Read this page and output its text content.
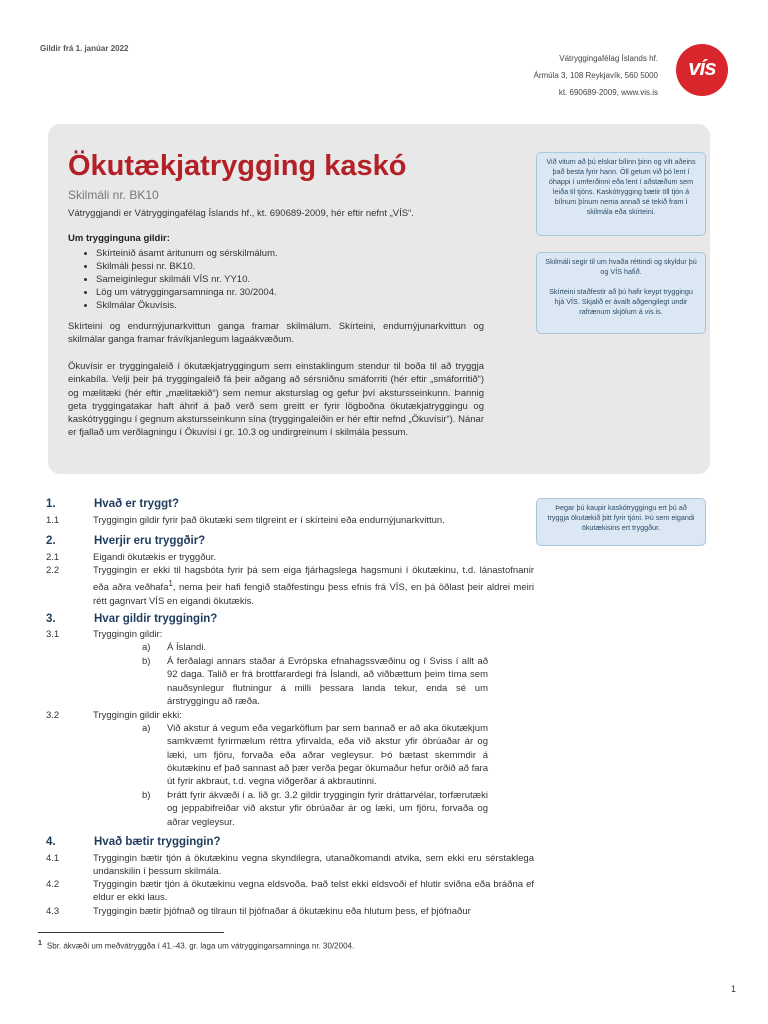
Gildir frá 1. janúar 2022
Vátryggingafélag Íslands hf.
Ármúla 3, 108 Reykjavík, 560 5000
kt. 690689-2009, www.vis.is
vís
Ökutækjatrygging kaskó
Skilmáli nr. BK10
Vátryggjandi er Vátryggingafélag Íslands hf., kt. 690689-2009, hér eftir nefnt „VÍS“.
Um trygginguna gildir:
• Skírteinið ásamt áritunum og sérskilmálum.
• Skilmáli þessi nr. BK10.
• Sameiginlegur skilmáli VÍS nr. YY10.
• Lög um vátryggingarsamninga nr. 30/2004.
• Skilmálar Ökuvísis.
Skírteini og endurnýjunarkvittun ganga framar skilmálum. Skírteini, endurnýjunarkvittun og skilmálar ganga framar frávíkjanlegum lagaákvæðum.
Ökuvísir er tryggingaleið í ökutækjatryggingum sem einstaklingum stendur til boða til að tryggja einkabíla. Velji þeir þá tryggingaleið fá þeir aðgang að sérsniðnu smáforriti (hér eftir „smáforritið“) og mælitæki (hér eftir „mælitækið“) sem nemur aksturslag og gefur því akstursseinkunn. Þannig geta tryggingatakar haft áhrif á það verð sem greitt er fyrir lögboðna ökutækjatryggingu og kaskótryggingu í gegnum akstursseinkunn sína (tryggingaleiðin er hér eftir nefnd „Ökuvísir“). Nánar er fjallað um verðlagningu í Ökuvísi í gr. 10.3 og undirgreinum í skilmála þessum.

Við vitum að þú elskar bílinn þinn og vilt aðeins það besta fyrir hann. Öll getum við þó lent í óhappi í umferðinni eða lent í aðstæðum sem leiða til tjóns. Kaskótrygging bætir öll tjón á bílnum þínum nema annað sé tekið fram í skilmála eða skírteini.

Skilmáli segir til um hvaða réttindi og skyldur þú og VÍS hafið.

Skírteini staðfestir að þú hafir keypt tryggingu hjá VÍS. Skjalið er ávallt aðgengilegt undir rafrænum skjölum á vis.is.

Þegar þú kaupir kaskótryggingu ert þú að tryggja ökutækið þitt fyrir tjóni. Þú sem eigandi ökutækisins ert tryggður.

1.	Hvað er tryggt?
1.1	Tryggingin gildir fyrir það ökutæki sem tilgreint er í skírteini eða endurnýjunarkvittun.
2.	Hverjir eru tryggðir?
2.1	Eigandi ökutækis er tryggður.
2.2	Tryggingin er ekki til hagsbóta fyrir þá sem eiga fjárhagslega hagsmuni í ökutækinu, t.d. lánastofnanir eða aðra veðhafa$^1$, nema þeir hafi fengið staðfestingu þess efnis frá VÍS, en þá öðlast þeir aldrei meiri rétt gagnvart VÍS en eigandi ökutækis.
3.	Hvar gildir tryggingin?
3.1	Tryggingin gildir:
a) Á Íslandi.
b) Á ferðalagi annars staðar á Evrópska efnahagssvæðinu og í Sviss í allt að 92 daga. Talið er frá brottfarardegi frá Íslandi, að viðbættum þeim tíma sem nauðsynlegur flutningur á milli þessara landa tekur, enda sé um árstryggingu að ræða.
3.2	Tryggingin gildir ekki:
a) Við akstur á vegum eða vegarköflum þar sem bannað er að aka ökutækjum samkvæmt fyrirmælum réttra yfirvalda, eða við akstur yfir óbrúaðar ár og læki, um fjöru, forvaða eða aðrar vegleysur. Þó bætast skemmdir á ökutækinu ef það sannast að þær verða þegar ökumaður hefur orðið að fara út fyrir akbraut, t.d. vegna viðgerðar á akbrautinni.
b) Þrátt fyrir ákvæði í a. lið gr. 3.2 gildir tryggingin fyrir dráttarvélar, torfærutæki og jeppabifreiðar við akstur yfir óbrúaðar ár og læki, um fjöru, forvaða og aðrar vegleysur.
4.	Hvað bætir tryggingin?
4.1	Tryggingin bætir tjón á ökutækinu vegna skyndilegra, utanaðkomandi atvika, sem ekki eru sérstaklega undanskilin í þessum skilmála.
4.2	Tryggingin bætir tjón á ökutækinu vegna eldsvoða. Það telst ekki eldsvoði ef hlutir sviðna eða bráðna ef eldur er ekki laus.
4.3	Tryggingin bætir þjófnað og tilraun til þjófnaðar á ökutækinu eða hlutum þess, ef þjófnaður
$^1$ Sbr. ákvæði um meðvátryggða í 41.-43. gr. laga um vátryggingarsamninga nr. 30/2004.
1
